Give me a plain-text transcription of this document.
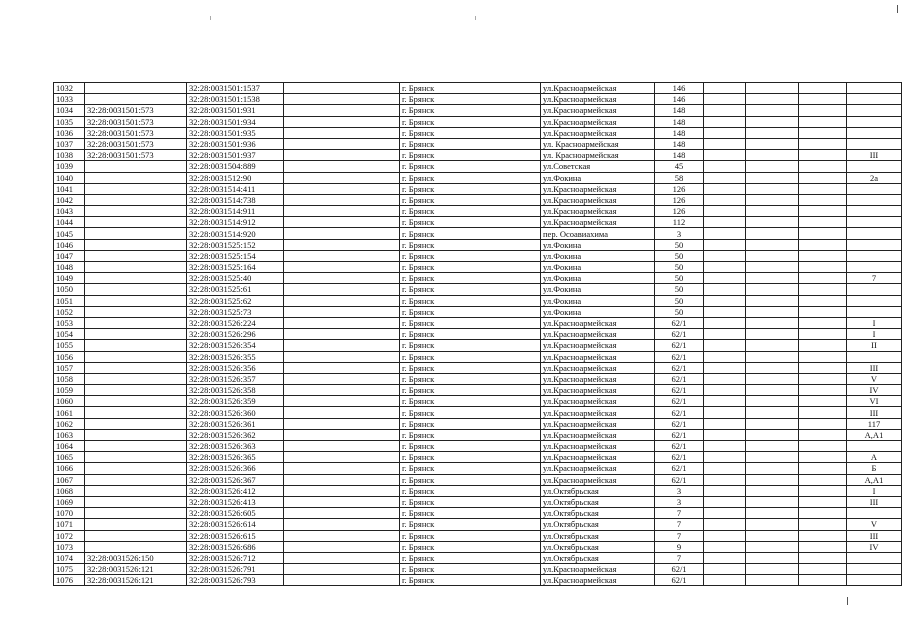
1032		32:28:0031501:1537		г. Брянск	ул.Красноармейская	146				
1033		32:28:0031501:1538		г. Брянск	ул.Красноармейская	146				
1034	32:28:0031501:573	32:28:0031501:931		г. Брянск	ул.Красноармейская	148				
1035	32:28:0031501:573	32:28:0031501:934		г. Брянск	ул.Красноармейская	148				
1036	32:28:0031501:573	32:28:0031501:935		г. Брянск	ул.Красноармейская	148				
1037	32:28:0031501:573	32:28:0031501:936		г. Брянск	ул. Красноармейская	148				
1038	32:28:0031501:573	32:28:0031501:937		г. Брянск	ул. Красноармейская	148				III
1039		32:28:0031504:889		г. Брянск	ул.Советская	45				
1040		32:28:0031512:90		г. Брянск	ул.Фокина	58				2а
1041		32:28:0031514:411		г. Брянск	ул.Красноармейская	126				
1042		32:28:0031514:738		г. Брянск	ул.Красноармейская	126				
1043		32:28:0031514:911		г. Брянск	ул.Красноармейская	126				
1044		32:28:0031514:912		г. Брянск	ул.Красноармейская	112				
1045		32:28:0031514:920		г. Брянск	пер. Осоавиахима	3				
1046		32:28:0031525:152		г. Брянск	ул.Фокина	50				
1047		32:28:0031525:154		г. Брянск	ул.Фокина	50				
1048		32:28:0031525:164		г. Брянск	ул.Фокина	50				
1049		32:28:0031525:40		г. Брянск	ул.Фокина	50				7
1050		32:28:0031525:61		г. Брянск	ул.Фокина	50				
1051		32:28:0031525:62		г. Брянск	ул.Фокина	50				
1052		32:28:0031525:73		г. Брянск	ул.Фокина	50				
1053		32:28:0031526:224		г. Брянск	ул.Красноармейская	62/1				I
1054		32:28:0031526:296		г. Брянск	ул.Красноармейская	62/1				I
1055		32:28:0031526:354		г. Брянск	ул.Красноармейская	62/1				II
1056		32:28:0031526:355		г. Брянск	ул.Красноармейская	62/1				
1057		32:28:0031526:356		г. Брянск	ул.Красноармейская	62/1				III
1058		32:28:0031526:357		г. Брянск	ул.Красноармейская	62/1				V
1059		32:28:0031526:358		г. Брянск	ул.Красноармейская	62/1				IV
1060		32:28:0031526:359		г. Брянск	ул.Красноармейская	62/1				VI
1061		32:28:0031526:360		г. Брянск	ул.Красноармейская	62/1				III
1062		32:28:0031526:361		г. Брянск	ул.Красноармейская	62/1				117
1063		32:28:0031526:362		г. Брянск	ул.Красноармейская	62/1				А,А1
1064		32:28:0031526:363		г. Брянск	ул.Красноармейская	62/1				
1065		32:28:0031526:365		г. Брянск	ул.Красноармейская	62/1				А
1066		32:28:0031526:366		г. Брянск	ул.Красноармейская	62/1				Б
1067		32:28:0031526:367		г. Брянск	ул.Красноармейская	62/1				А,А1
1068		32:28:0031526:412		г. Брянск	ул.Октябрьская	3				I
1069		32:28:0031526:413		г. Брянск	ул.Октябрьская	3				III
1070		32:28:0031526:605		г. Брянск	ул.Октябрьская	7				
1071		32:28:0031526:614		г. Брянск	ул.Октябрьская	7				V
1072		32:28:0031526:615		г. Брянск	ул.Октябрьская	7				III
1073		32:28:0031526:686		г. Брянск	ул.Октябрьская	9				IV
1074	32:28:0031526:150	32:28:0031526:712		г. Брянск	ул.Октябрьская	7				
1075	32:28:0031526:121	32:28:0031526:791		г. Брянск	ул.Красноармейская	62/1				
1076	32:28:0031526:121	32:28:0031526:793		г. Брянск	ул.Красноармейская	62/1				
